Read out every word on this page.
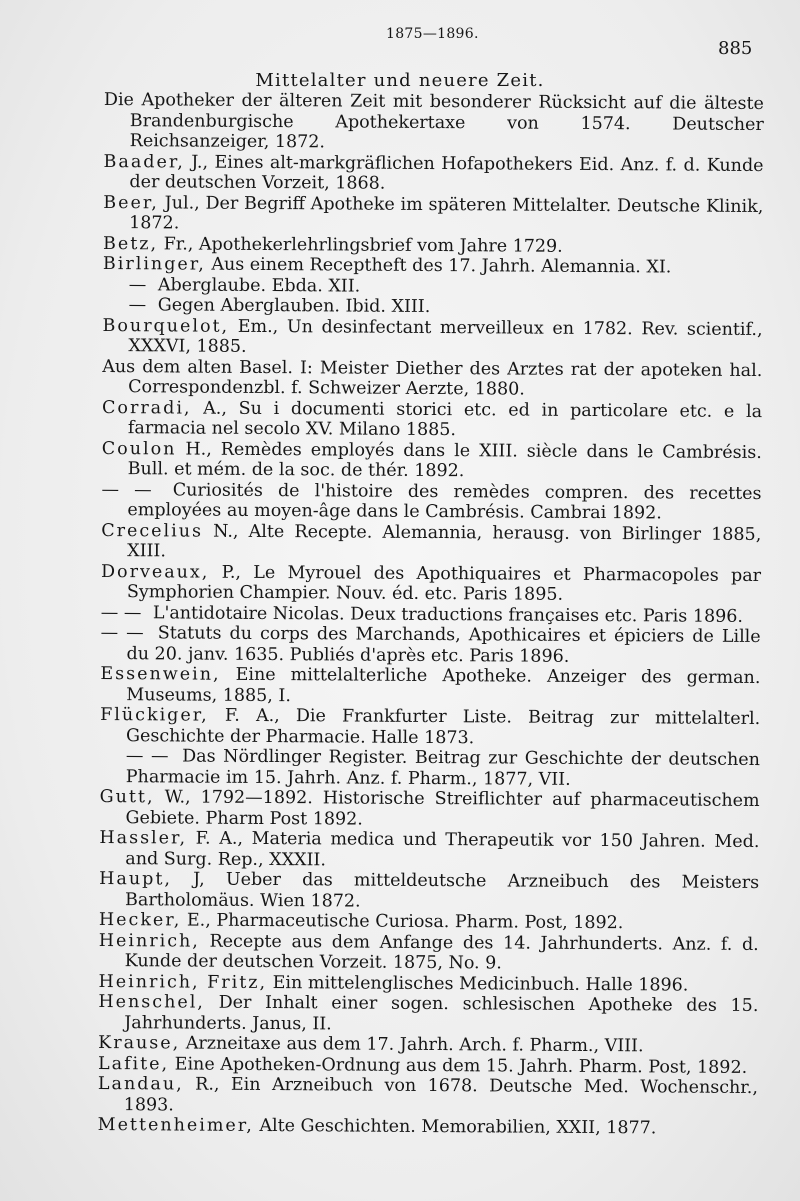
1875—1896.
885
Mittelalter und neuere Zeit.
Die Apotheker der älteren Zeit mit besonderer Rücksicht auf die älteste Brandenburgische Apothekertaxe von 1574. Deutscher Reichsanzeiger, 1872.
Baader, J., Eines alt-markgräflichen Hofapothekers Eid. Anz. f. d. Kunde der deutschen Vorzeit, 1868.
Beer, Jul., Der Begriff Apotheke im späteren Mittelalter. Deutsche Klinik, 1872.
Betz, Fr., Apothekerlehrlingsbrief vom Jahre 1729.
Birlinger, Aus einem Receptheft des 17. Jahrh. Alemannia. XI.
— Aberglaube. Ebda. XII.
— Gegen Aberglauben. Ibid. XIII.
Bourquelot, Em., Un desinfectant merveilleux en 1782. Rev. scientif., XXXVI, 1885.
Aus dem alten Basel. I: Meister Diether des Arztes rat der apoteken hal. Correspondenzbl. f. Schweizer Aerzte, 1880.
Corradi, A., Su i documenti storici etc. ed in particolare etc. e la farmacia nel secolo XV. Milano 1885.
Coulon H., Remèdes employés dans le XIII. siècle dans le Cambrésis. Bull. et mém. de la soc. de thér. 1892.
— — Curiosités de l'histoire des remèdes compren. des recettes employées au moyen-âge dans le Cambrésis. Cambrai 1892.
Crecelius N., Alte Recepte. Alemannia, herausg. von Birlinger 1885, XIII.
Dorveaux, P., Le Myrouel des Apothiquaires et Pharmacopoles par Symphorien Champier. Nouv. éd. etc. Paris 1895.
— — L'antidotaire Nicolas. Deux traductions françaises etc. Paris 1896.
— — Statuts du corps des Marchands, Apothicaires et épiciers de Lille du 20. janv. 1635. Publiés d'après etc. Paris 1896.
Essenwein, Eine mittelalterliche Apotheke. Anzeiger des german. Museums, 1885, I.
Flückiger, F. A., Die Frankfurter Liste. Beitrag zur mittelalterl. Geschichte der Pharmacie. Halle 1873.
— — Das Nördlinger Register. Beitrag zur Geschichte der deutschen Pharmacie im 15. Jahrh. Anz. f. Pharm., 1877, VII.
Gutt, W., 1792—1892. Historische Streiflichter auf pharmaceutischem Gebiete. Pharm Post 1892.
Hassler, F. A., Materia medica und Therapeutik vor 150 Jahren. Med. and Surg. Rep., XXXII.
Haupt, J, Ueber das mitteldeutsche Arzneibuch des Meisters Bartholomäus. Wien 1872.
Hecker, E., Pharmaceutische Curiosa. Pharm. Post, 1892.
Heinrich, Recepte aus dem Anfange des 14. Jahrhunderts. Anz. f. d. Kunde der deutschen Vorzeit. 1875, No. 9.
Heinrich, Fritz, Ein mittelenglisches Medicinbuch. Halle 1896.
Henschel, Der Inhalt einer sogen. schlesischen Apotheke des 15. Jahrhunderts. Janus, II.
Krause, Arzneitaxe aus dem 17. Jahrh. Arch. f. Pharm., VIII.
Lafite, Eine Apotheken-Ordnung aus dem 15. Jahrh. Pharm. Post, 1892.
Landau, R., Ein Arzneibuch von 1678. Deutsche Med. Wochenschr., 1893.
Mettenheimer, Alte Geschichten. Memorabilien, XXII, 1877.
